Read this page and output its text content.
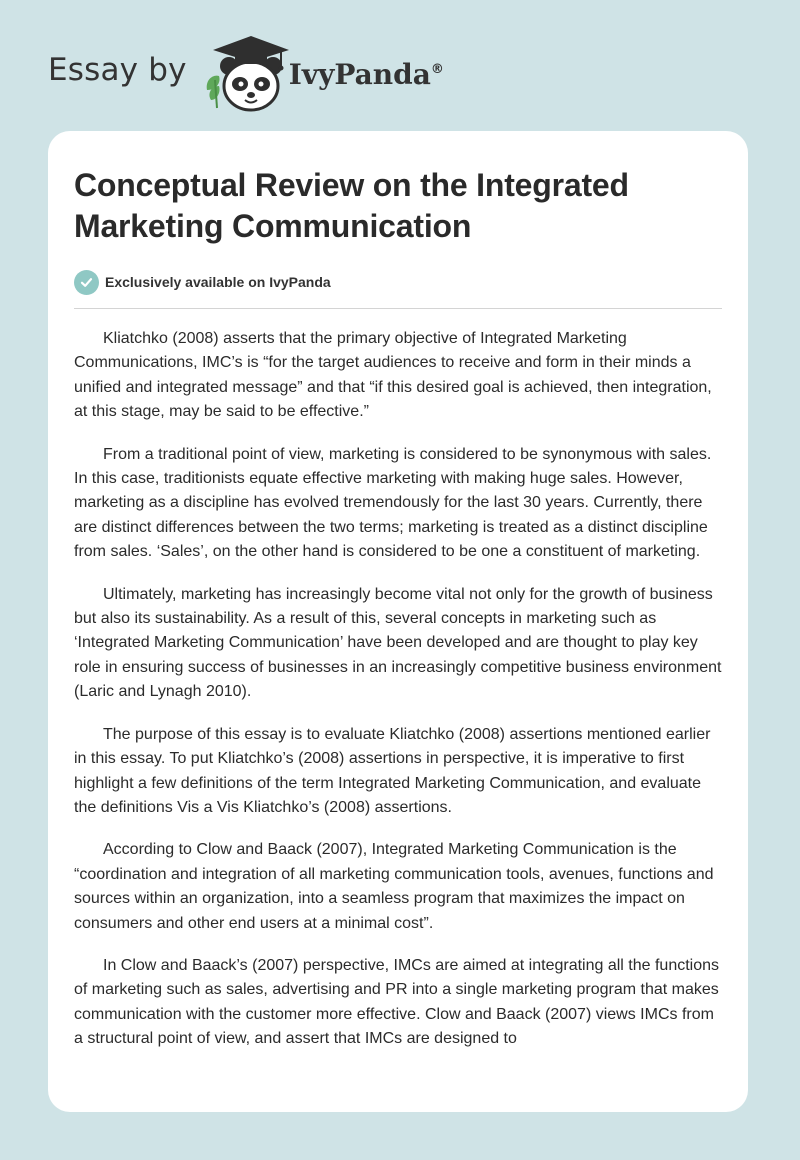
Essay by	IvyPanda®
Conceptual Review on the Integrated Marketing Communication
Exclusively available on IvyPanda

Kliatchko (2008) asserts that the primary objective of Integrated Marketing Communications, IMC’s is “for the target audiences to receive and form in their minds a unified and integrated message” and that “if this desired goal is achieved, then integration, at this stage, may be said to be effective.”

From a traditional point of view, marketing is considered to be synonymous with sales. In this case, traditionists equate effective marketing with making huge sales. However, marketing as a discipline has evolved tremendously for the last 30 years. Currently, there are distinct differences between the two terms; marketing is treated as a distinct discipline from sales. ‘Sales’, on the other hand is considered to be one a constituent of marketing.

Ultimately, marketing has increasingly become vital not only for the growth of business but also its sustainability. As a result of this, several concepts in marketing such as ‘Integrated Marketing Communication’ have been developed and are thought to play key role in ensuring success of businesses in an increasingly competitive business environment (Laric and Lynagh 2010).

The purpose of this essay is to evaluate Kliatchko (2008) assertions mentioned earlier in this essay. To put Kliatchko’s (2008) assertions in perspective, it is imperative to first highlight a few definitions of the term Integrated Marketing Communication, and evaluate the definitions Vis a Vis Kliatchko’s (2008) assertions.

According to Clow and Baack (2007), Integrated Marketing Communication is the “coordination and integration of all marketing communication tools, avenues, functions and sources within an organization, into a seamless program that maximizes the impact on consumers and other end users at a minimal cost”.

In Clow and Baack’s (2007) perspective, IMCs are aimed at integrating all the functions of marketing such as sales, advertising and PR into a single marketing program that makes communication with the customer more effective. Clow and Baack (2007) views IMCs from a structural point of view, and assert that IMCs are designed to
